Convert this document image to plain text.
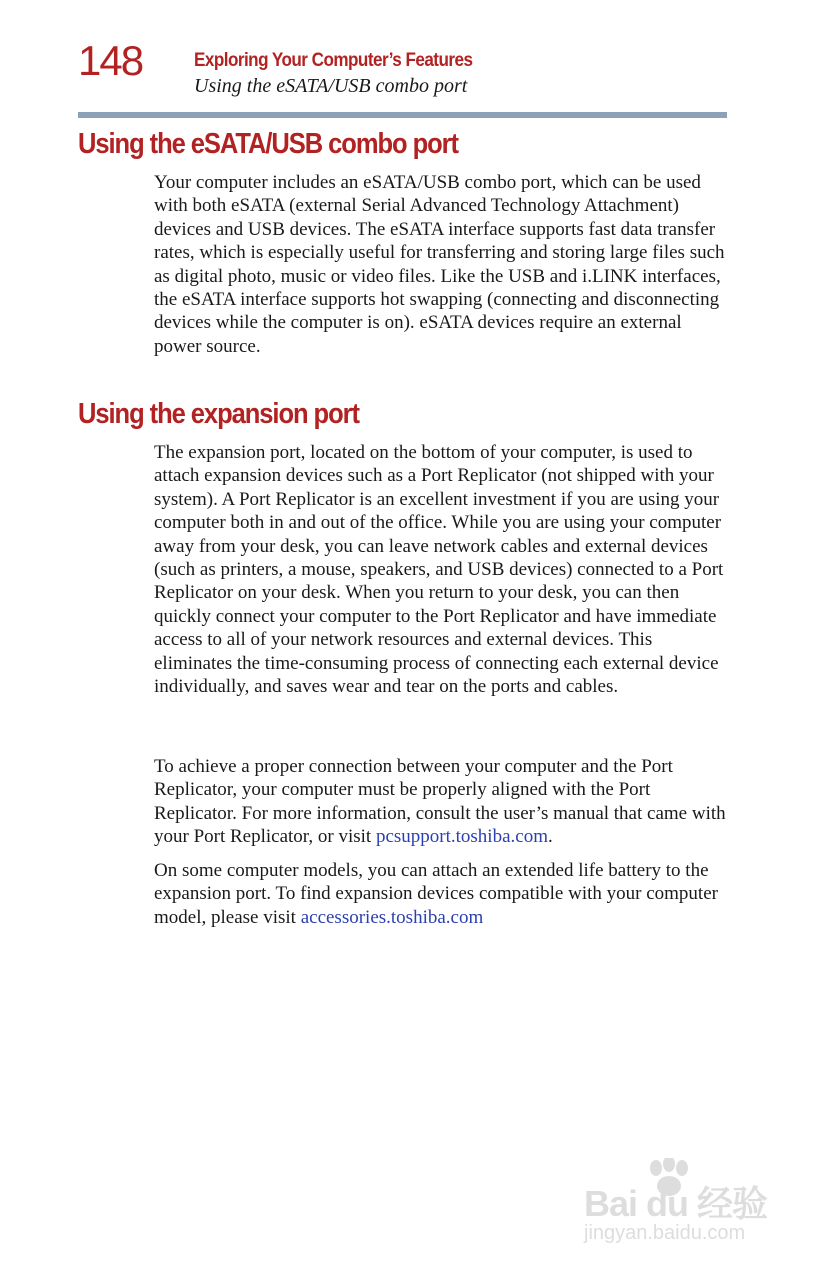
148	Exploring Your Computer’s Features
Using the eSATA/USB combo port
Using the eSATA/USB combo port

Your computer includes an eSATA/USB combo port, which can be used with both eSATA (external Serial Advanced Technology Attachment) devices and USB devices. The eSATA interface supports fast data transfer rates, which is especially useful for transferring and storing large files such as digital photo, music or video files. Like the USB and i.LINK interfaces, the eSATA interface supports hot swapping (connecting and disconnecting devices while the computer is on). eSATA devices require an external power source.

Using the expansion port

The expansion port, located on the bottom of your computer, is used to attach expansion devices such as a Port Replicator (not shipped with your system). A Port Replicator is an excellent investment if you are using your computer both in and out of the office. While you are using your computer away from your desk, you can leave network cables and external devices (such as printers, a mouse, speakers, and USB devices) connected to a Port Replicator on your desk. When you return to your desk, you can then quickly connect your computer to the Port Replicator and have immediate access to all of your network resources and external devices. This eliminates the time-consuming process of connecting each external device individually, and saves wear and tear on the ports and cables.

To achieve a proper connection between your computer and the Port Replicator, your computer must be properly aligned with the Port Replicator. For more information, consult the user’s manual that came with your Port Replicator, or visit pcsupport.toshiba.com.

On some computer models, you can attach an extended life battery to the expansion port. To find expansion devices compatible with your computer model, please visit accessories.toshiba.com

Bai du 经验
jingyan.baidu.com
